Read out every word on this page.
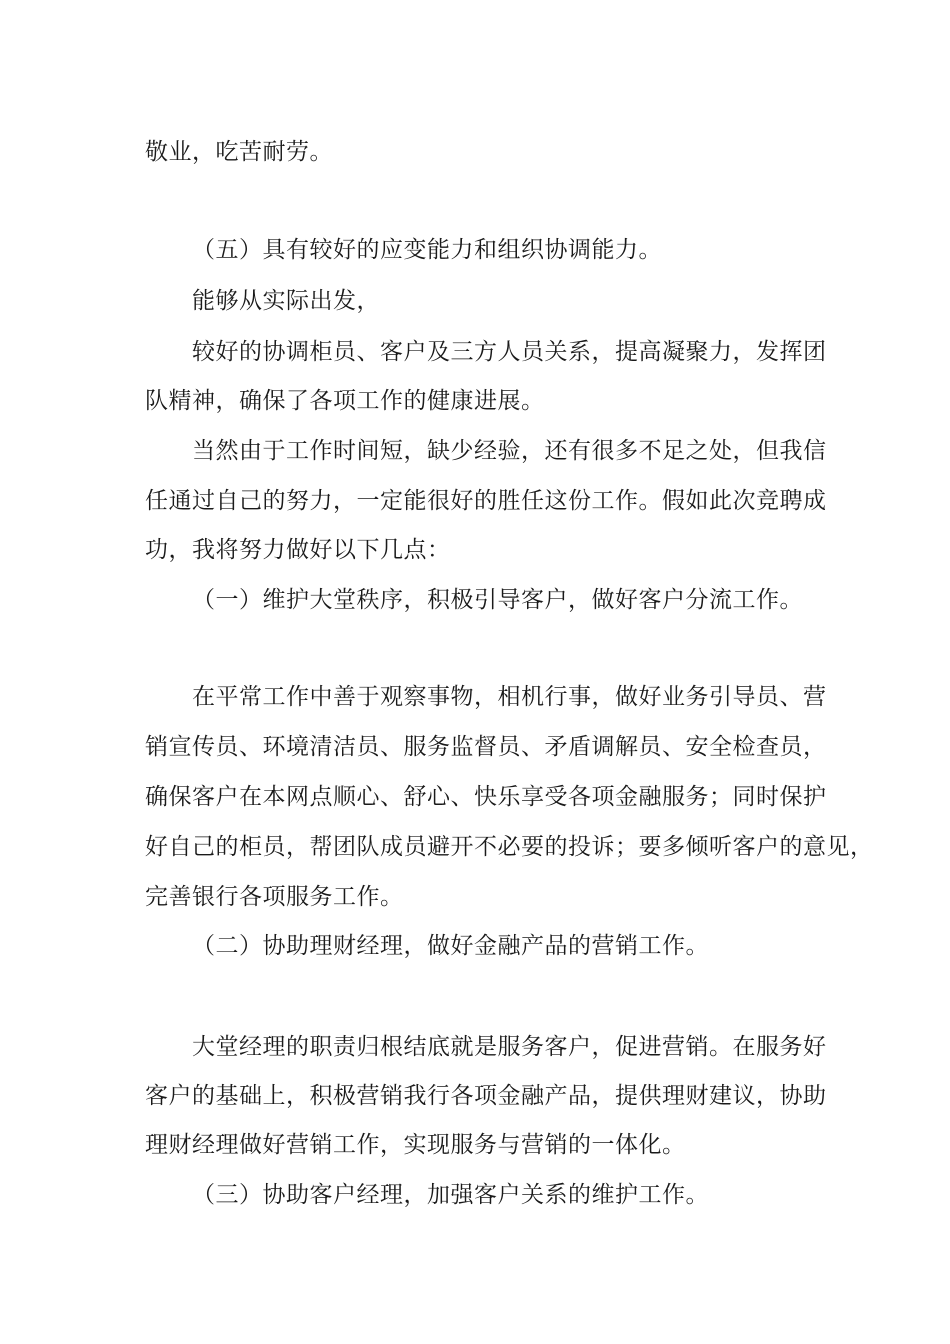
敬业，吃苦耐劳。
（五）具有较好的应变能力和组织协调能力。
能够从实际出发，
较好的协调柜员、客户及三方人员关系，提高凝聚力，发挥团
队精神，确保了各项工作的健康进展。
当然由于工作时间短，缺少经验，还有很多不足之处，但我信
任通过自己的努力，一定能很好的胜任这份工作。假如此次竞聘成
功，我将努力做好以下几点：
（一）维护大堂秩序，积极引导客户，做好客户分流工作。
在平常工作中善于观察事物，相机行事，做好业务引导员、营
销宣传员、环境清洁员、服务监督员、矛盾调解员、安全检查员，
确保客户在本网点顺心、舒心、快乐享受各项金融服务；同时保护
好自己的柜员，帮团队成员避开不必要的投诉；要多倾听客户的意见，
完善银行各项服务工作。
（二）协助理财经理，做好金融产品的营销工作。
大堂经理的职责归根结底就是服务客户，促进营销。在服务好
客户的基础上，积极营销我行各项金融产品，提供理财建议，协助
理财经理做好营销工作，实现服务与营销的一体化。
（三）协助客户经理，加强客户关系的维护工作。
